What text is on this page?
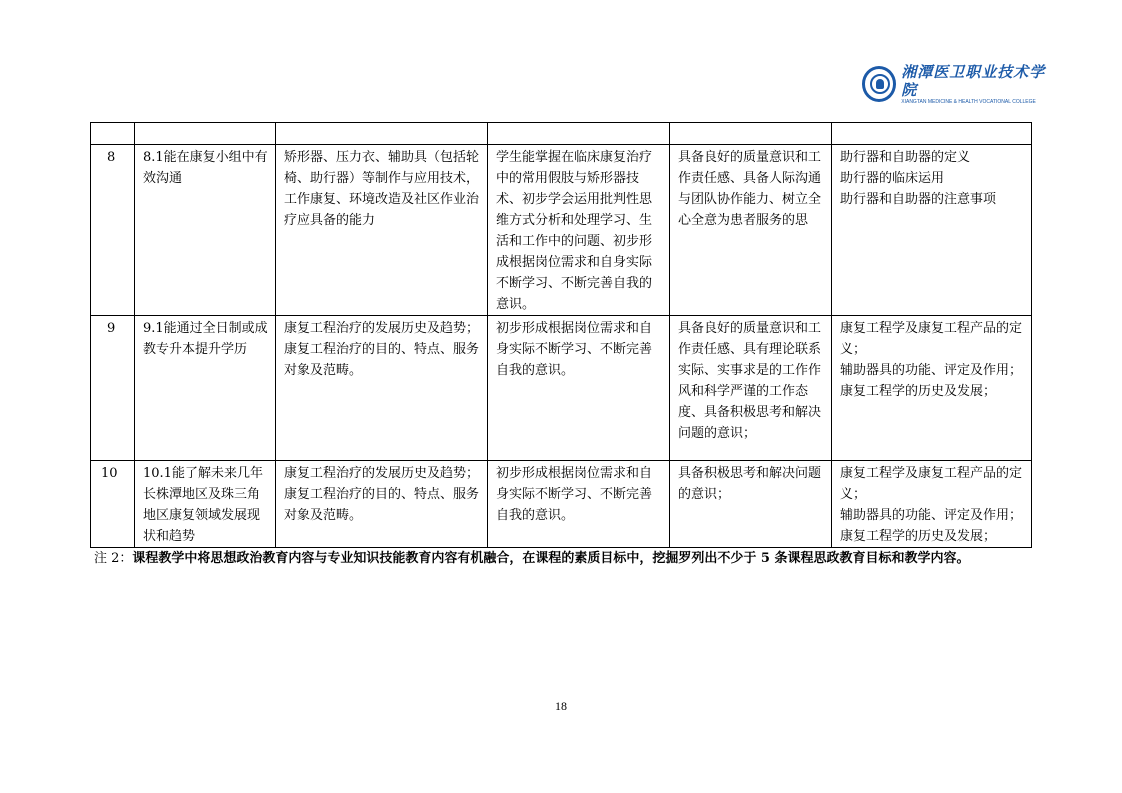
湘潭医卫职业技术学院
XIANGTAN MEDICINE & HEALTH VOCATIONAL COLLEGE

8	8.1能在康复小组中有效沟通	矫形器、压力衣、辅助具（包括轮椅、助行器）等制作与应用技术，工作康复、环境改造及社区作业治疗应具备的能力	学生能掌握在临床康复治疗中的常用假肢与矫形器技术、初步学会运用批判性思维方式分析和处理学习、生活和工作中的问题、初步形成根据岗位需求和自身实际不断学习、不断完善自我的意识。	具备良好的质量意识和工作责任感、具备人际沟通与团队协作能力、树立全心全意为患者服务的思	助行器和自助器的定义
助行器的临床运用
助行器和自助器的注意事项
9	9.1能通过全日制或成教专升本提升学历	康复工程治疗的发展历史及趋势；康复工程治疗的目的、特点、服务对象及范畴。	初步形成根据岗位需求和自身实际不断学习、不断完善自我的意识。	具备良好的质量意识和工作责任感、具有理论联系实际、实事求是的工作作风和科学严谨的工作态度、具备积极思考和解决问题的意识；	康复工程学及康复工程产品的定义；
辅助器具的功能、评定及作用；
康复工程学的历史及发展；
10	10.1能了解未来几年长株潭地区及珠三角地区康复领域发展现状和趋势	康复工程治疗的发展历史及趋势；康复工程治疗的目的、特点、服务对象及范畴。	初步形成根据岗位需求和自身实际不断学习、不断完善自我的意识。	具备积极思考和解决问题的意识；	康复工程学及康复工程产品的定义；
辅助器具的功能、评定及作用；
康复工程学的历史及发展；
注 2：课程教学中将思想政治教育内容与专业知识技能教育内容有机融合，在课程的素质目标中，挖掘罗列出不少于 5 条课程思政教育目标和教学内容。
18
